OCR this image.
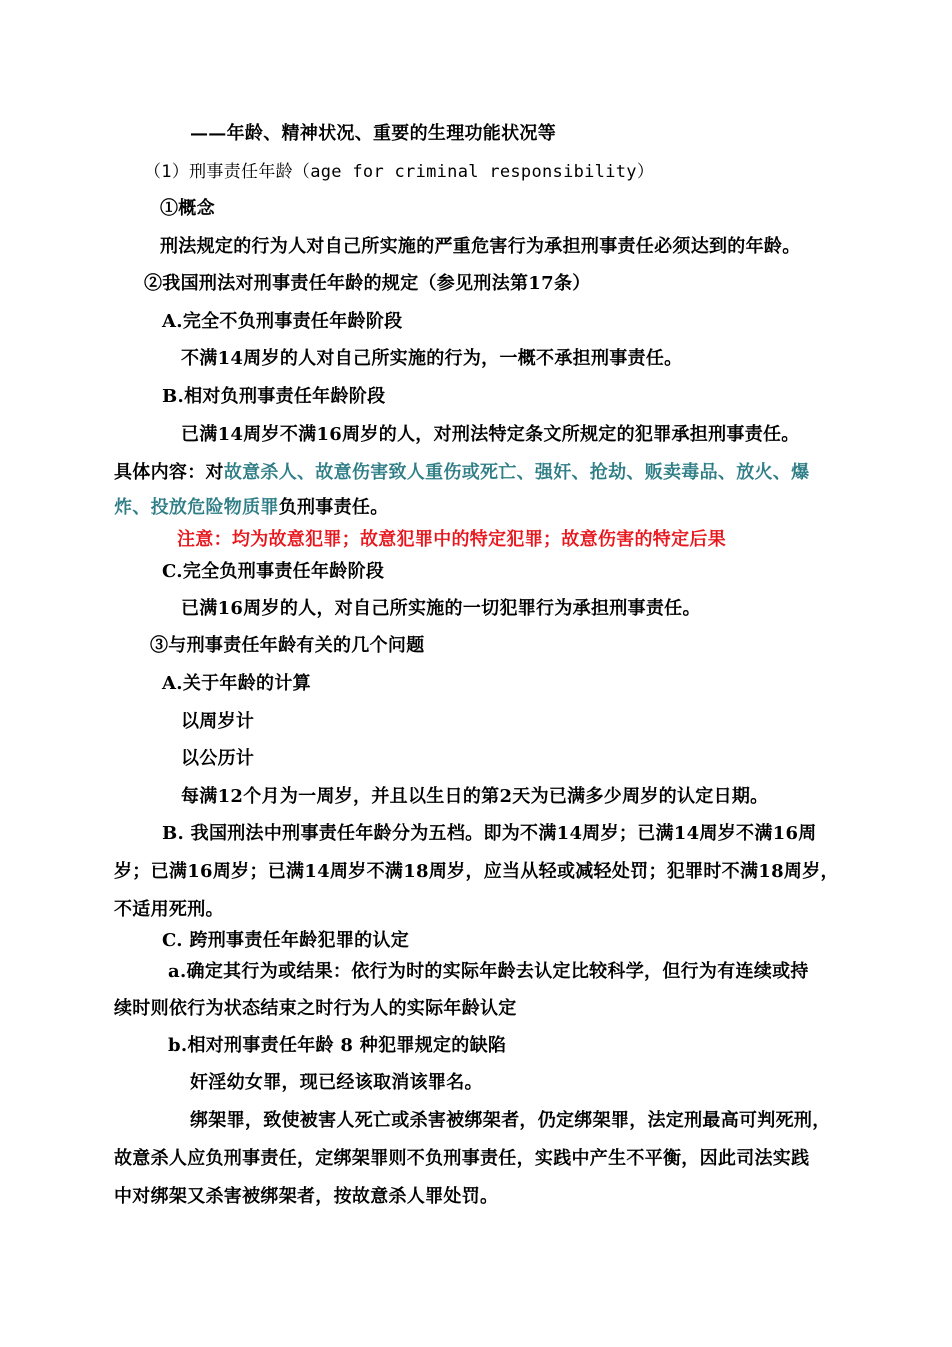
——年龄、精神状况、重要的生理功能状况等
（1）刑事责任年龄（age for criminal responsibility）
①概念
刑法规定的行为人对自己所实施的严重危害行为承担刑事责任必须达到的年龄。
②我国刑法对刑事责任年龄的规定（参见刑法第17条）
A.完全不负刑事责任年龄阶段
不满14周岁的人对自己所实施的行为，一概不承担刑事责任。
B.相对负刑事责任年龄阶段
已满14周岁不满16周岁的人，对刑法特定条文所规定的犯罪承担刑事责任。
具体内容：对故意杀人、故意伤害致人重伤或死亡、强奸、抢劫、贩卖毒品、放火、爆
炸、投放危险物质罪负刑事责任。
注意：均为故意犯罪；故意犯罪中的特定犯罪；故意伤害的特定后果
C.完全负刑事责任年龄阶段
已满16周岁的人，对自己所实施的一切犯罪行为承担刑事责任。
③与刑事责任年龄有关的几个问题
A.关于年龄的计算
以周岁计
以公历计
每满12个月为一周岁，并且以生日的第2天为已满多少周岁的认定日期。
B. 我国刑法中刑事责任年龄分为五档。即为不满14周岁；已满14周岁不满16周
岁；已满16周岁；已满14周岁不满18周岁，应当从轻或减轻处罚；犯罪时不满18周岁，
不适用死刑。
C. 跨刑事责任年龄犯罪的认定
a.确定其行为或结果：依行为时的实际年龄去认定比较科学，但行为有连续或持
续时则依行为状态结束之时行为人的实际年龄认定
b.相对刑事责任年龄 8 种犯罪规定的缺陷
奸淫幼女罪，现已经该取消该罪名。
绑架罪，致使被害人死亡或杀害被绑架者，仍定绑架罪，法定刑最高可判死刑，
故意杀人应负刑事责任，定绑架罪则不负刑事责任，实践中产生不平衡，因此司法实践
中对绑架又杀害被绑架者，按故意杀人罪处罚。
